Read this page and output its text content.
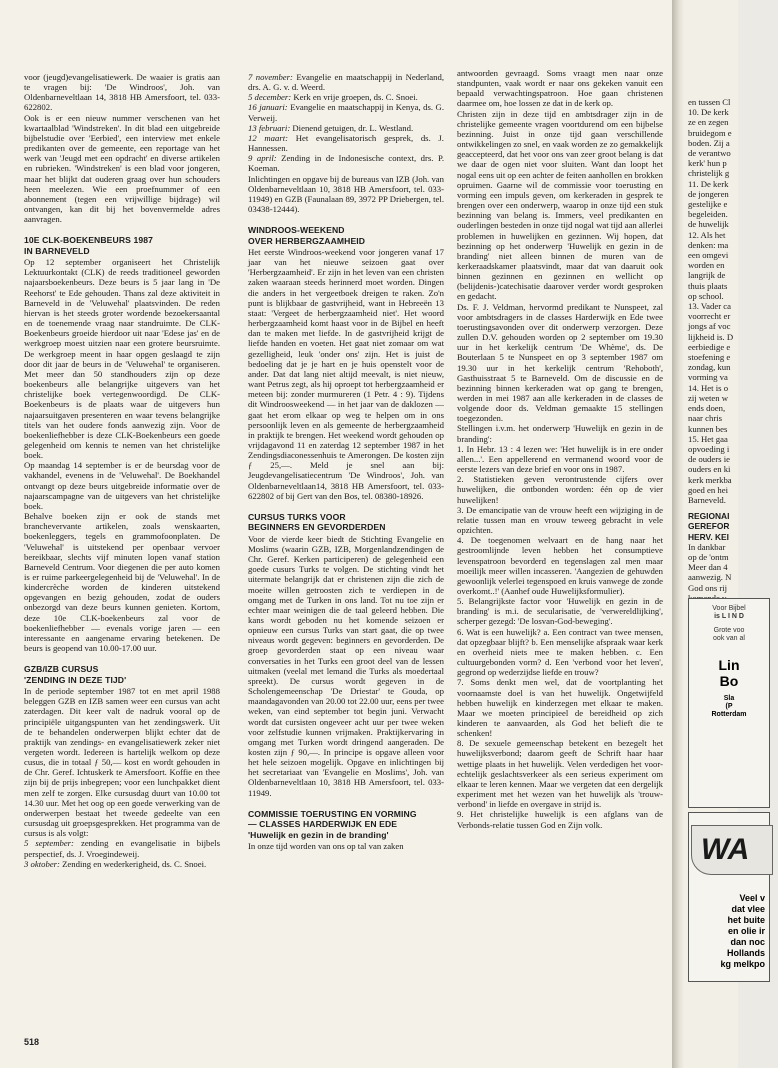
voor (jeugd)evangelisatiewerk. De waaier is gratis aan te vragen bij: 'De Windroos', Joh. van Oldenbarneveltlaan 14, 3818 HB Amersfoort, tel. 033-622802.

Ook is er een nieuw nummer verschenen van het kwartaalblad 'Windstreken'. In dit blad een uitgebreide bijbelstudie over 'Eerbied', een interview met enkele predikanten over de gemeente, een reportage van het werk van 'Jeugd met een opdracht' en diverse artikelen en rubrieken. 'Windstreken' is een blad voor jongeren, maar het blijkt dat ouderen graag over hun schouders heen meelezen. Wie een proefnummer of een abonnement (tegen een vrijwillige bijdrage) wil ontvangen, kan dit bij het bovenvermelde adres aanvragen.

10E CLK-BOEKENBEURS 1987
IN BARNEVELD

Op 12 september organiseert het Christelijk Lektuurkontakt (CLK) de reeds traditioneel geworden najaarsboekenbeurs. Deze beurs is 5 jaar lang in 'De Reehorst' te Ede gehouden. Thans zal deze aktiviteit in Barneveld in de 'Veluwehal' plaatsvinden. De reden hiervan is het steeds groter wordende bezoekersaantal en de toenemende vraag naar standruimte. De CLK-Boekenbeurs groeide hierdoor uit naar 'Edese jas' en de werkgroep moest uitzien naar een grotere beursruimte. De werkgroep meent in haar opgen geslaagd te zijn door dit jaar de beurs in de 'Veluwehal' te organiseren. Met meer dan 50 standhouders zijn op deze boekenbeurs alle belangrijke uitgevers van het christelijke boek vertegenwoordigd. De CLK-Boekenbeurs is de plaats waar de uitgevers hun najaarsuitgaven presenteren en waar tevens belangrijke titels van het oudere fonds aanwezig zijn. Voor de boekenliefhebber is deze CLK-Boekenbeurs een goede gelegenheid om kennis te nemen van het christelijke boek.

Op maandag 14 september is er de beursdag voor de vakhandel, evenens in de 'Veluwehal'. De Boekhandel ontvangt op deze beurs uitgebreide informatie over de najaarscampagne van de uitgevers van het christelijke boek.

Behalve boeken zijn er ook de stands met branchevervante artikelen, zoals wenskaarten, boekenleggers, tegels en grammofoonplaten. De 'Veluwehal' is uitstekend per openbaar vervoer bereikbaar, slechts vijf minuten lopen vanaf station Barneveld Centrum. Voor diegenen die per auto komen is er ruime parkeergelegenheid bij de 'Veluwehal'. In de kindercrèche worden de kinderen uitstekend opgevangen en bezig gehouden, zodat de ouders onbezorgd van deze beurs kunnen genieten. Kortom, deze 10e CLK-boekenbeurs zal voor de boekenliefhebber — evenals vorige jaren — een interessante en aangename ervaring betekenen. De beurs is geopend van 10.00-17.00 uur.

GZB/IZB CURSUS
'ZENDING IN DEZE TIJD'

In de periode september 1987 tot en met april 1988 beleggen GZB en IZB samen weer een cursus van acht zaterdagen. Dit keer valt de nadruk vooral op de principiële uitgangspunten van het zendingswerk. Uit de te behandelen onderwerpen blijkt echter dat de praktijk van zendings- en evangelisatiewerk zeker niet vergeten wordt. Iedereen is hartelijk welkom op deze cusus, die in totaal ƒ 50,— kost en wordt gehouden in de Chr. Geref. Ichtuskerk te Amersfoort. Koffie en thee zijn bij de prijs inbegrepen; voor een lunchpakket dient men zelf te zorgen. Elke cursusdag duurt van 10.00 tot 14.30 uur. Met het oog op een goede verwerking van de onderwerpen bestaat het tweede gedeelte van een cursusdag uit groepsgesprekken. Het programma van de cursus is als volgt:

5 september: zending en evangelisatie in bijbels perspectief, ds. J. Vroegindeweij.

3 oktober: Zending en wederkerigheid, ds. C. Snoei.

7 november: Evangelie en maatschappij in Nederland, drs. A. G. v. d. Weerd.

5 december: Kerk en vrije groepen, ds. C. Snoei.

16 januari: Evangelie en maatschappij in Kenya, ds. G. Verweij.

13 februari: Dienend getuigen, dr. L. Westland.

12 maart: Het evangelisatorisch gesprek, ds. J. Hannessen.

9 april: Zending in de Indonesische context, drs. P. Koeman.

Inlichtingen en opgave bij de bureaus van IZB (Joh. van Oldenbarneveltlaan 10, 3818 HB Amersfoort, tel. 033-11949) en GZB (Faunalaan 89, 3972 PP Driebergen, tel. 03438-12444).

WINDROOS-WEEKEND
OVER HERBERGZAAMHEID

Het eerste Windroos-weekend voor jongeren vanaf 17 jaar van het nieuwe seizoen gaat over 'Herbergzaamheid'. Er zijn in het leven van een christen zaken waaraan steeds herinnerd moet worden. Dingen die anders in het vergeetboek dreigen te raken. Zo'n punt is blijkbaar de gastvrijheid, want in Hebreeën 13 staat: 'Vergeet de herbergzaamheid niet'. Het woord herbergzaamheid komt haast voor in de Bijbel en heeft dan te maken met liefde. In de gastvrijheid krijgt de liefde handen en voeten. Het gaat niet zomaar om wat gezelligheid, leuk 'onder ons' zijn. Het is juist de bedoeling dat je je hart en je huis openstelt voor de ander. Dat dat lang niet altijd meevalt, is niet nieuw, want Petrus zegt, als hij oproept tot herbergzaamheid er meteen bij: zonder murmureren (1 Petr. 4 : 9). Tijdens dit Windroosweekend — in het jaar van de daklozen —gaat het erom elkaar op weg te helpen om in ons persoonlijk leven en als gemeente de herbergzaamheid in praktijk te brengen. Het weekend wordt gehouden op vrijdagavond 11 en zaterdag 12 september 1987 in het Zendingsdiaconessenhuis te Amerongen. De kosten zijn ƒ 25,—. Meld je snel aan bij: Jeugdevangelisatiecentrum 'De Windroos', Joh. van Oldenbarneveltlaan14, 3818 HB Amersfoort, tel. 033-622802 of bij Gert van den Bos, tel. 08380-18926.

CURSUS TURKS VOOR
BEGINNERS EN GEVORDERDEN

Voor de vierde keer biedt de Stichting Evangelie en Moslims (waarin GZB, IZB, Morgenlandzendingen de Chr. Geref. Kerken participeren) de gelegenheid een goede cusurs Turks te volgen. De stichting vindt het uitermate belangrijk dat er christenen zijn die zich de moeite willen getroosten zich te verdiepen in de omgang met de Turken in ons land. Tot nu toe zijn er echter maar weinigen die de taal geleerd hebben. Die kans wordt geboden nu het komende seizoen er opnieuw een cursus Turks van start gaat, die op twee niveaus wordt gegeven: beginners en gevorderden. De groep gevorderden staat op een niveau waar conversaties in het Turks een groot deel van de lessen uitmaken (veelal met lemand die Turks als moedertaal spreekt). De cursus wordt gegeven in de Scholengemeenschap 'De Driestar' te Gouda, op maandagavonden van 20.00 tot 22.00 uur, eens per twee weken, van eind september tot begin juni. Verwacht wordt dat cursisten ongeveer acht uur per twee weken voor zelfstudie kunnen vrijmaken. Praktijkervaring in omgang met Turken wordt dringend aangeraden. De kosten zijn ƒ 90,—. In principe is opgave alleen voor het hele seizoen mogelijk. Opgave en inlichtingen bij het secretariaat van 'Evangelie en Moslims', Joh. van Oldenbarneveltlaan 10, 3818 HB Amersfoort, tel. 033-11949.

COMMISSIE TOERUSTING EN VORMING
— CLASSES HARDERWIJK EN EDE
'Huwelijk en gezin in de branding'

In onze tijd worden van ons op tal van zaken

antwoorden gevraagd. Soms vraagt men naar onze standpunten, vaak wordt er naar ons gekeken vanuit een bepaald verwachtingspatroon. Hoe gaan christenen daarmee om, hoe lossen ze dat in de kerk op.

Christen zijn in deze tijd en ambtsdrager zijn in de christelijke gemeente vragen voortdurend om een bijbelse bezinning. Juist in onze tijd gaan verschillende ontwikkelingen zo snel, en vaak worden ze zo gemakkelijk geaccepteerd, dat het voor ons van zeer groot belang is dat we daar de ogen niet voor sluiten. Want dan loopt het nogal eens uit op een achter de feiten aanhollen en brokken opruimen. Gaarne wil de commissie voor toerusting en vorming een impuls geven, om kerkeraden in gesprek te brengen over een onderwerp, waarop in onze tijd een stuk bezinning van belang is. Immers, veel predikanten en ouderlingen besteden in onze tijd nogal wat tijd aan allerlei problemen in huwelijken en gezinnen. Wij hopen, dat bezinning op het onderwerp 'Huwelijk en gezin in de branding' niet alleen binnen de muren van de kerkeraadskamer plaatsvindt, maar dat van daaruit ook binnen gezinnen en gezinnen en wellicht op (belijdenis-)catechisatie daarover verder wordt gesproken en gedacht.

Ds. F. J. Veldman, hervormd predikant te Nunspeet, zal voor ambtsdragers in de classes Harderwijk en Ede twee toerustingsavonden over dit onderwerp verzorgen. Deze zullen D.V. gehouden worden op 2 september om 19.30 uur in het kerkelijk centrum 'De Whème', ds. De Bouterlaan 5 te Nunspeet en op 3 september 1987 om 19.30 uur in het kerkelijk centrum 'Rehoboth', Gasthuisstraat 5 te Barneveld. Om de discussie en de bezinning binnen kerkeraden wat op gang te brengen, werden in mei 1987 aan alle kerkeraden in de classes de volgende door ds. Veldman gemaakte 15 stellingen toegezonden.

Stellingen i.v.m. het onderwerp 'Huwelijk en gezin in de branding':

1. In Hebr. 13 : 4 lezen we: 'Het huwelijk is in ere onder allen...'. Een appellerend en vermanend woord voor de eerste lezers van deze brief en voor ons in 1987.

2. Statistieken geven verontrustende cijfers over huwelijken, die ontbonden worden: één op de vier huwelijken!

3. De emancipatie van de vrouw heeft een wijziging in de relatie tussen man en vrouw teweeg gebracht in vele opzichten.

4. De toegenomen welvaart en de hang naar het gestroomlijnde leven hebben het consumptieve levenspatroon bevorderd en tegenslagen zal men maar moeilijk meer willen incasseren. 'Aangezien de gehuwden gewoonlijk velerlei tegenspoed en kruis vanwege de zonde overkomt..!' (Aanhef oude Huwelijksformulier).

5. Belangrijkste factor voor 'Huwelijk en gezin in de branding' is m.i. de secularisatie, de 'verwereldlijking', scherper gezegd: 'De losvan-God-beweging'.

6. Wat is een huwelijk? a. Een contract van twee mensen, dat opzegbaar blijft? b. Een menselijke afspraak waar kerk en overheid niets mee te maken hebben. c. Een cultuurgebonden vorm? d. Een 'verbond voor het leven', gegrond op wederzijdse liefde en trouw?

7. Soms denkt men wel, dat de voortplanting het voornaamste doel is van het huwelijk. Ongetwijfeld hebben huwelijk en kinderzegen met elkaar te maken. Maar we moeten principieel de bereidheid op zich kinderen te aanvaarden, als God het belieft die te schenken!

8. De sexuele gemeenschap betekent en bezegelt het huwelijksverbond; daarom geeft de Schrift haar haar wettige plaats in het huwelijk. Velen verdedigen het voor-echtelijk geslachtsverkeer als een serieus experiment om elkaar te leren kennen. Maar we vergeten dat een dergelijk experiment met het wezen van het huwelijk als 'trouw-verbond' in liefde en overgave in strijd is.

9. Het christelijke huwelijk is een afglans van de Verbonds-relatie tussen God en Zijn volk.

518
en tussen Cl
10. De kerk
ze en zegen
bruidegom e
boden. Zij a
de verantwo
kerk' hun p
christelijk g
11. De kerk
de jongeren
gestelijke e
begeleiden.
de huwelijk
12. Als het
denken: ma
een omgevi
worden en
langrijk de
thuis plaats
op school.
13. Vader ca
voorrecht er
jongs af voc
lijkheid is. D
eerbiedige e
stoefening e
zondag, kun
vorming va
14. Het is o
zij weten w
ends doen,
naar chris
kunnen bes
15. Het gaa
opvoeding i
de ouders ie
ouders en ki
kerk merkba
goed en hei
Barneveld.
REGIONAI
GEREFOR
HERV. KEI
In dankbar
op de 'ontm
Meer dan 4
aanwezig. N
God ons rij
Voor Bijbel
is L I N D
Grote voo
ook van al
Lin
Bo
Sla
(P
Rotterdam
WA
Veel v
dat vlee
het buite
en olie ir
dan noc
Hollands
kg melkpo
